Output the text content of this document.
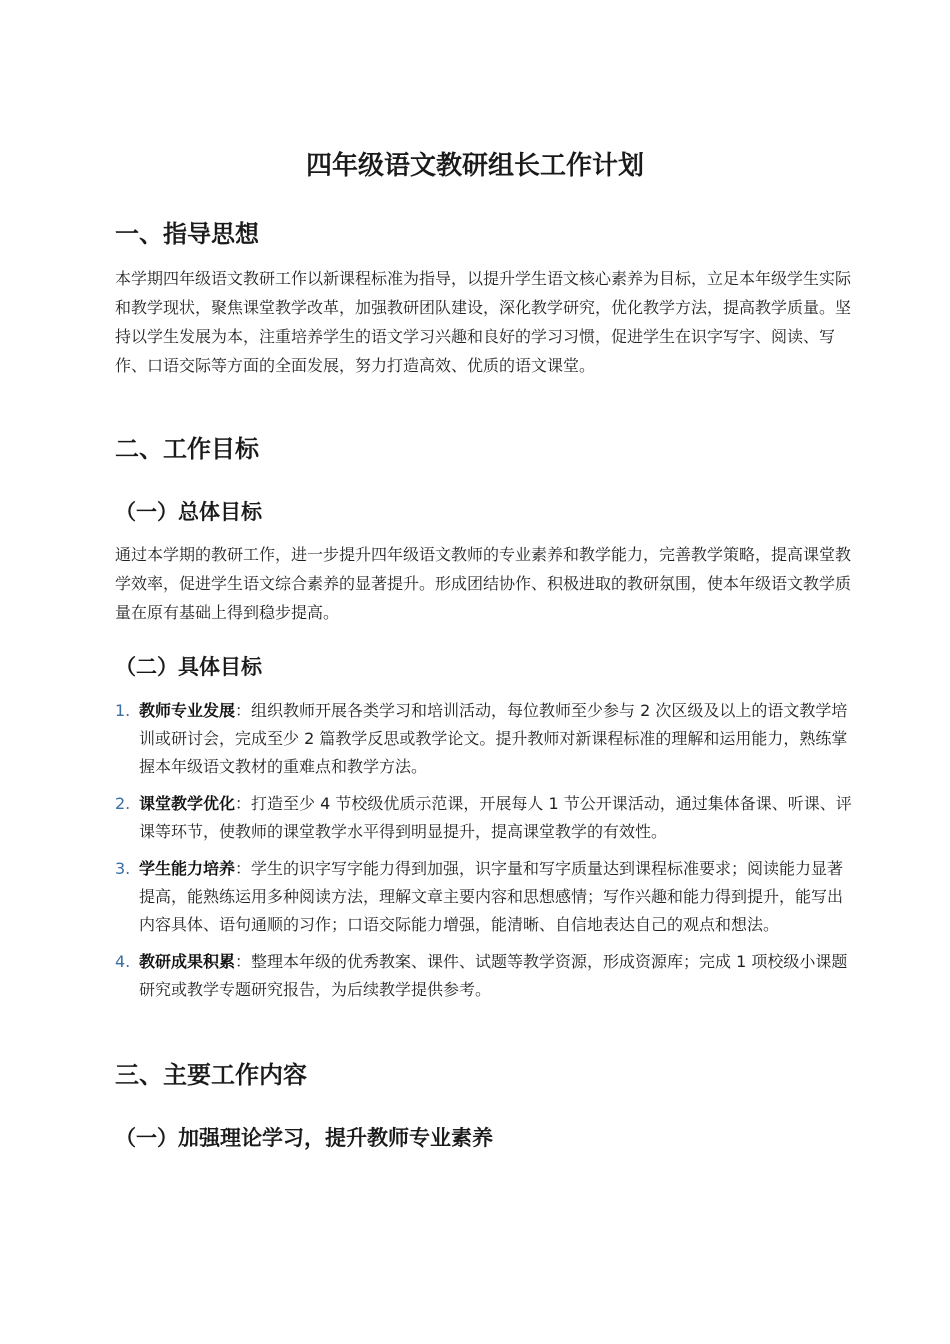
四年级语文教研组长工作计划
一、指导思想

本学期四年级语文教研工作以新课程标准为指导，以提升学生语文核心素养为目标，立足本年级学生实际和教学现状，聚焦课堂教学改革，加强教研团队建设，深化教学研究，优化教学方法，提高教学质量。坚持以学生发展为本，注重培养学生的语文学习兴趣和良好的学习习惯，促进学生在识字写字、阅读、写作、口语交际等方面的全面发展，努力打造高效、优质的语文课堂。

二、工作目标
（一）总体目标

通过本学期的教研工作，进一步提升四年级语文教师的专业素养和教学能力，完善教学策略，提高课堂教学效率，促进学生语文综合素养的显著提升。形成团结协作、积极进取的教研氛围，使本年级语文教学质量在原有基础上得到稳步提高。

（二）具体目标
1. 教师专业发展：组织教师开展各类学习和培训活动，每位教师至少参与 2 次区级及以上的语文教学培训或研讨会，完成至少 2 篇教学反思或教学论文。提升教师对新课程标准的理解和运用能力，熟练掌握本年级语文教材的重难点和教学方法。
2. 课堂教学优化：打造至少 4 节校级优质示范课，开展每人 1 节公开课活动，通过集体备课、听课、评课等环节，使教师的课堂教学水平得到明显提升，提高课堂教学的有效性。
3. 学生能力培养：学生的识字写字能力得到加强，识字量和写字质量达到课程标准要求；阅读能力显著提高，能熟练运用多种阅读方法，理解文章主要内容和思想感情；写作兴趣和能力得到提升，能写出内容具体、语句通顺的习作；口语交际能力增强，能清晰、自信地表达自己的观点和想法。
4. 教研成果积累：整理本年级的优秀教案、课件、试题等教学资源，形成资源库；完成 1 项校级小课题研究或教学专题研究报告，为后续教学提供参考。
三、主要工作内容
（一）加强理论学习，提升教师专业素养
